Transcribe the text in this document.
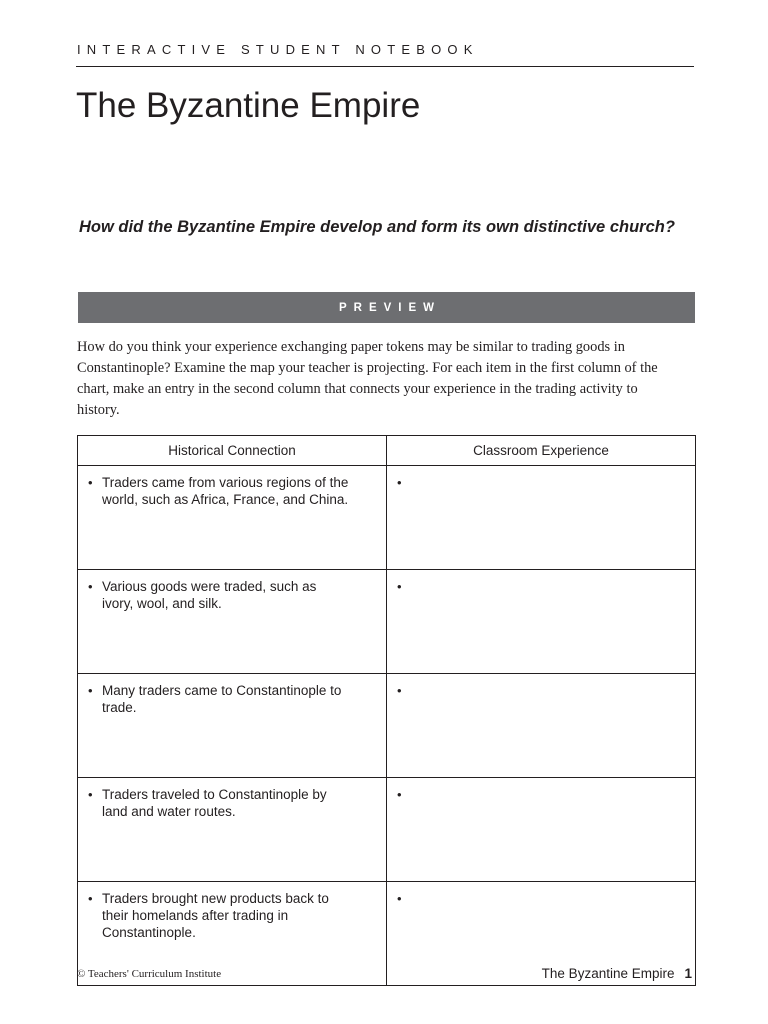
INTERACTIVE STUDENT NOTEBOOK
The Byzantine Empire

How did the Byzantine Empire develop and form its own distinctive church?

PREVIEW

How do you think your experience exchanging paper tokens may be similar to trading goods in Constantinople? Examine the map your teacher is projecting. For each item in the first column of the chart, make an entry in the second column that connects your experience in the trading activity to history.

Historical Connection	Classroom Experience

• Traders came from various regions of the world, such as Africa, France, and China.	•

• Various goods were traded, such as ivory, wool, and silk.	•

• Many traders came to Constantinople to trade.	•

• Traders traveled to Constantinople by land and water routes.	•

• Traders brought new products back to their homelands after trading in Constantinople.	•
© Teachers' Curriculum Institute	The Byzantine Empire 1
